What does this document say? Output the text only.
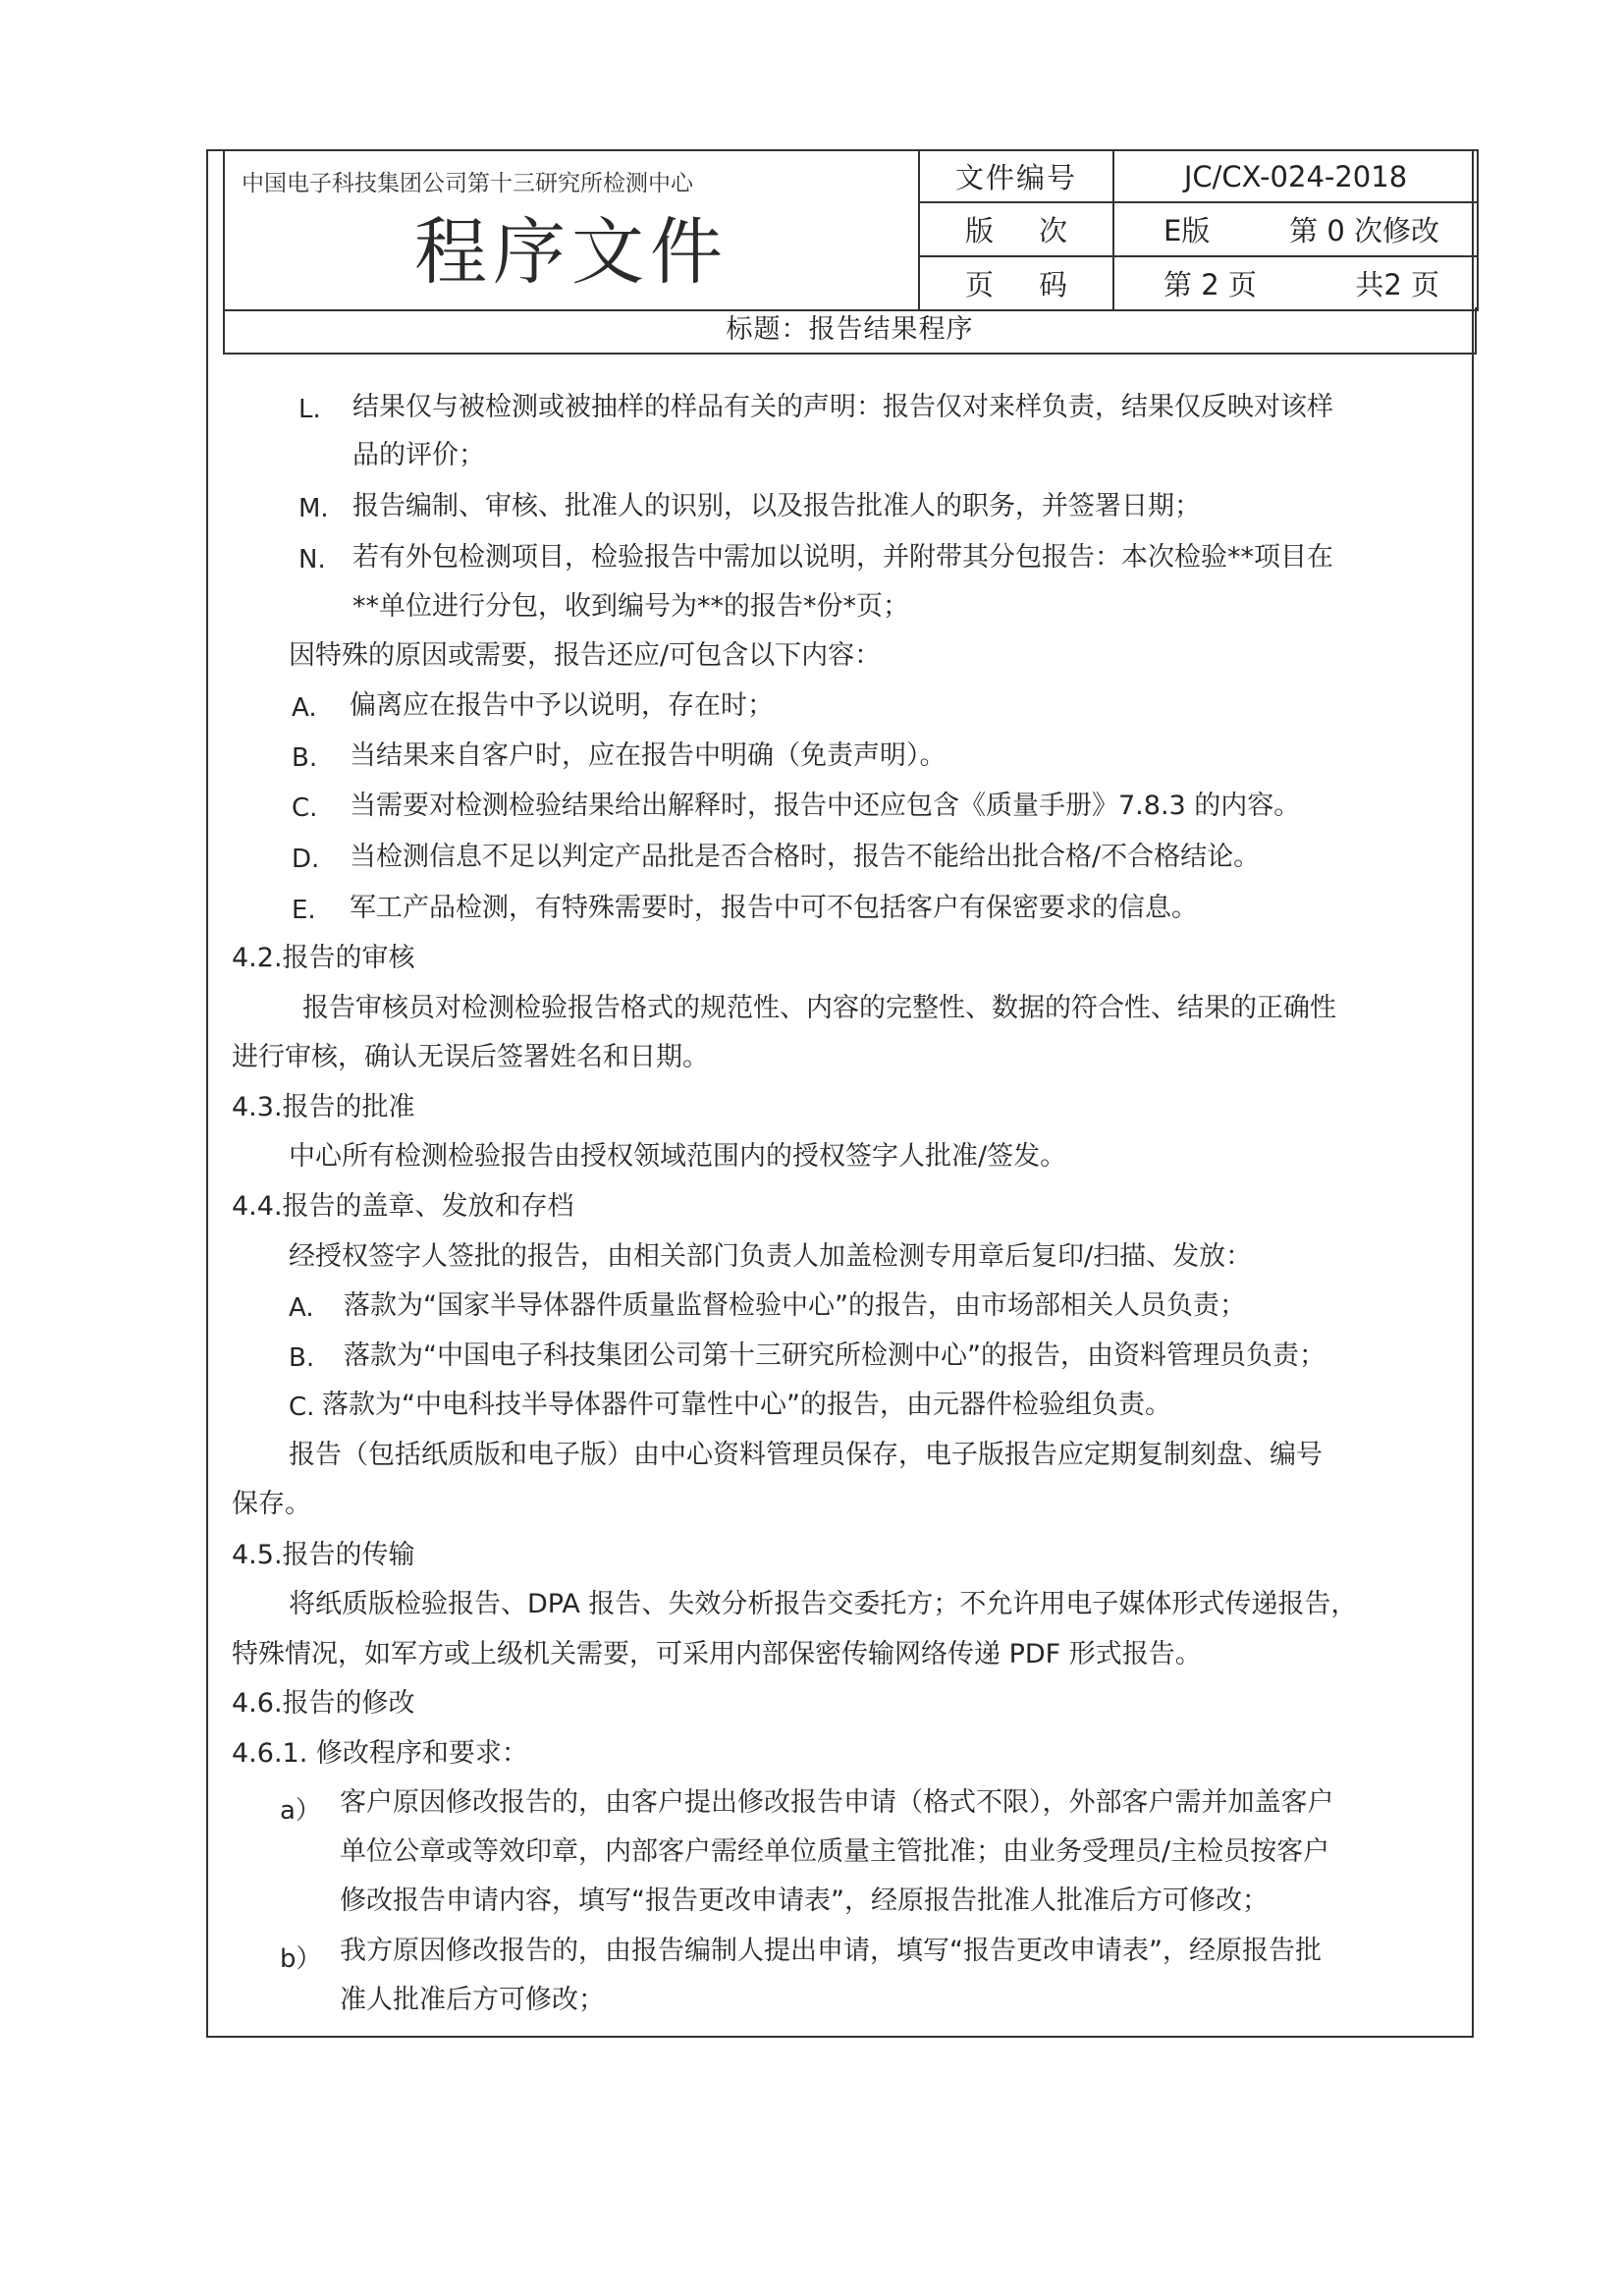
中国电子科技集团公司第十三研究所检测中心
程序文件	文件编号	JC/CX-024-2018
	版次	E版 第 0 次修改

	页码	第 2 页 共2 页
标题：报告结果程序
L. 结果仅与被检测或被抽样的样品有关的声明：报告仅对来样负责，结果仅反映对该样
品的评价；
M. 报告编制、审核、批准人的识别，以及报告批准人的职务，并签署日期；
N. 若有外包检测项目，检验报告中需加以说明，并附带其分包报告：本次检验**项目在
**单位进行分包，收到编号为**的报告*份*页；
因特殊的原因或需要，报告还应/可包含以下内容：
A. 偏离应在报告中予以说明，存在时；
B. 当结果来自客户时，应在报告中明确（免责声明）。
C. 当需要对检测检验结果给出解释时，报告中还应包含《质量手册》7.8.3 的内容。
D. 当检测信息不足以判定产品批是否合格时，报告不能给出批合格/不合格结论。
E. 军工产品检测，有特殊需要时，报告中可不包括客户有保密要求的信息。
4.2.报告的审核
报告审核员对检测检验报告格式的规范性、内容的完整性、数据的符合性、结果的正确性
进行审核，确认无误后签署姓名和日期。
4.3.报告的批准
中心所有检测检验报告由授权领域范围内的授权签字人批准/签发。
4.4.报告的盖章、发放和存档
经授权签字人签批的报告，由相关部门负责人加盖检测专用章后复印/扫描、发放：
A. 落款为“国家半导体器件质量监督检验中心”的报告，由市场部相关人员负责；
B. 落款为“中国电子科技集团公司第十三研究所检测中心”的报告，由资料管理员负责；
C. 落款为“中电科技半导体器件可靠性中心”的报告，由元器件检验组负责。
报告（包括纸质版和电子版）由中心资料管理员保存，电子版报告应定期复制刻盘、编号
保存。
4.5.报告的传输
将纸质版检验报告、DPA 报告、失效分析报告交委托方；不允许用电子媒体形式传递报告，
特殊情况，如军方或上级机关需要，可采用内部保密传输网络传递 PDF 形式报告。
4.6.报告的修改
4.6.1. 修改程序和要求：
a） 客户原因修改报告的，由客户提出修改报告申请（格式不限），外部客户需并加盖客户
单位公章或等效印章，内部客户需经单位质量主管批准；由业务受理员/主检员按客户
修改报告申请内容，填写“报告更改申请表”，经原报告批准人批准后方可修改；
b） 我方原因修改报告的，由报告编制人提出申请，填写“报告更改申请表”，经原报告批
准人批准后方可修改；
